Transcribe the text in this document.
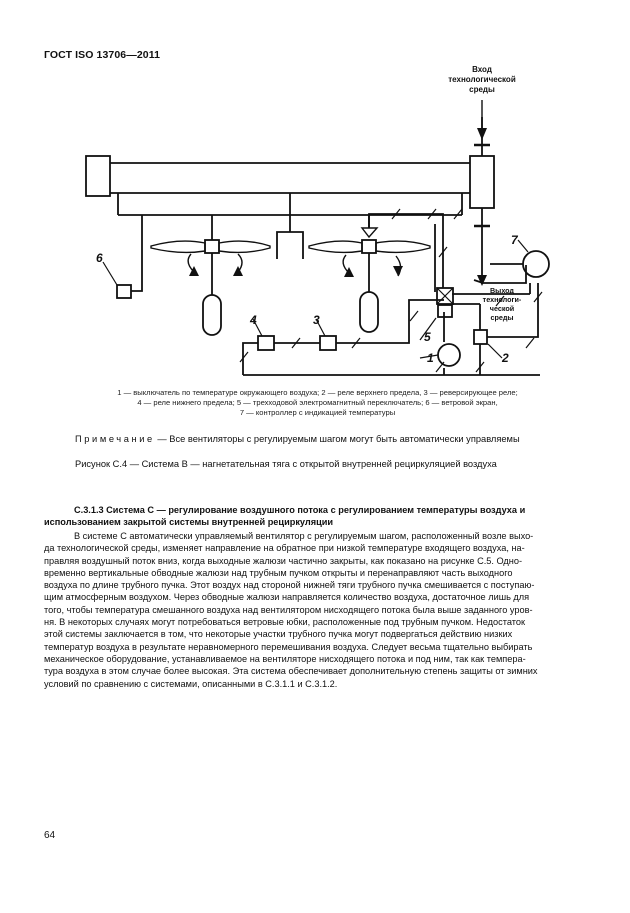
ГОСТ ISO 13706—2011
Вход
технологической
среды
Выход
технологи-
ческой
среды
1	2
3
4
5
6
7
1 — выключатель по температуре окружающего воздуха; 2 — реле верхнего предела, 3 — реверсирующее реле;
4 — реле нижнего предела; 5 — трехходовой электромагнитный переключатель; 6 — ветровой экран,
7 — контроллер с индикацией температуры
Примечание — Все вентиляторы с регулируемым шагом могут быть автоматически управляемы
Рисунок С.4 — Система В — нагнетательная тяга с открытой внутренней рециркуляцией воздуха
С.3.1.3 Система С — регулирование воздушного потока с регулированием температуры воздуха и использованием закрытой системы внутренней рециркуляции
В системе С автоматически управляемый вентилятор с регулируемым шагом, расположенный возле выхо-
да технологической среды, изменяет направление на обратное при низкой температуре входящего воздуха, на-
правляя воздушный поток вниз, когда выходные жалюзи частично закрыты, как показано на рисунке С.5. Одно-
временно вертикальные обводные жалюзи над трубным пучком открыты и перенаправляют часть выходного
воздуха по длине трубного пучка. Этот воздух над стороной нижней тяги трубного пучка смешивается с поступаю-
щим атмосферным воздухом. Через обводные жалюзи направляется количество воздуха, достаточное лишь для
того, чтобы температура смешанного воздуха над вентилятором нисходящего потока была выше заданного уров-
ня. В некоторых случаях могут потребоваться ветровые юбки, расположенные под трубным пучком. Недостаток
этой системы заключается в том, что некоторые участки трубного пучка могут подвергаться действию низких
температур воздуха в результате неравномерного перемешивания воздуха. Следует весьма тщательно выбирать
механическое оборудование, устанавливаемое на вентиляторе нисходящего потока и под ним, так как темпера-
тура воздуха в этом случае более высокая. Эта система обеспечивает дополнительную степень защиты от зимних
условий по сравнению с системами, описанными в С.3.1.1 и С.3.1.2.
64
